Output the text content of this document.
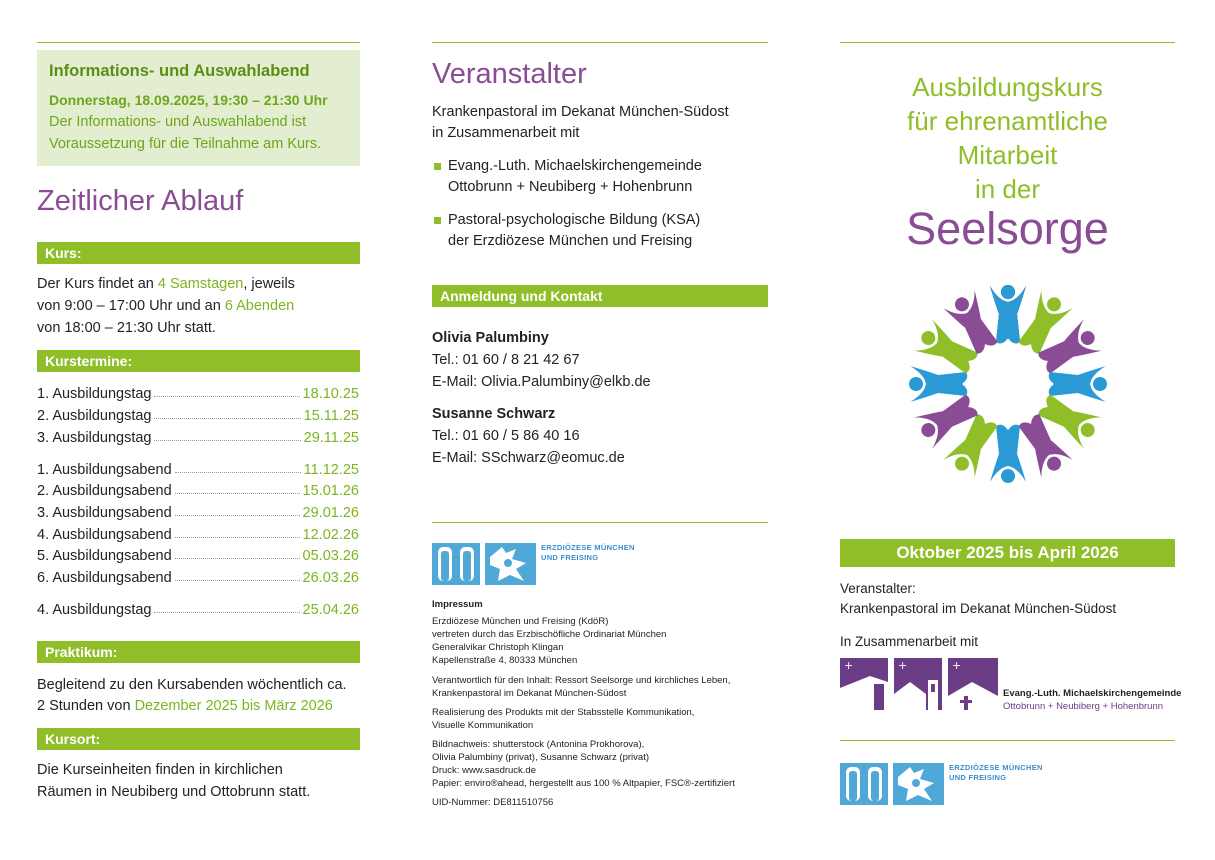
Informations- und Auswahlabend
Donnerstag, 18.09.2025, 19:30 – 21:30 Uhr
Der Informations- und Auswahlabend ist
Voraussetzung für die Teilnahme am Kurs.
Zeitlicher Ablauf
Kurs:
Der Kurs findet an 4 Samstagen, jeweils
von 9:00 – 17:00 Uhr und an 6 Abenden
von 18:00 – 21:30 Uhr statt.
Kurstermine:
1. Ausbildungstag	18.10.25
2. Ausbildungstag	15.11.25
3. Ausbildungstag	29.11.25
1. Ausbildungsabend	11.12.25
2. Ausbildungsabend	15.01.26
3. Ausbildungsabend	29.01.26
4. Ausbildungsabend	12.02.26
5. Ausbildungsabend	05.03.26
6. Ausbildungsabend	26.03.26
4. Ausbildungstag	25.04.26
Praktikum:
Begleitend zu den Kursabenden wöchentlich ca.
2 Stunden von Dezember 2025 bis März 2026
Kursort:
Die Kurseinheiten finden in kirchlichen
Räumen in Neubiberg und Ottobrunn statt.
Veranstalter
Krankenpastoral im Dekanat München-Südost
in Zusammenarbeit mit
Evang.-Luth. Michaelskirchengemeinde
Ottobrunn + Neubiberg + Hohenbrunn
Pastoral-psychologische Bildung (KSA)
der Erzdiözese München und Freising
Anmeldung und Kontakt
Olivia Palumbiny
Tel.: 01 60 / 8 21 42 67
E-Mail: Olivia.Palumbiny@elkb.de
Susanne Schwarz
Tel.: 01 60 / 5 86 40 16
E-Mail: SSchwarz@eomuc.de
ERZDIÖZESE MÜNCHEN
UND FREISING
Impressum
Erzdiözese München und Freising (KdöR)
vertreten durch das Erzbischöfliche Ordinariat München
Generalvikar Christoph Klingan
Kapellenstraße 4, 80333 München
Verantwortlich für den Inhalt: Ressort Seelsorge und kirchliches Leben,
Krankenpastoral im Dekanat München-Südost
Realisierung des Produkts mit der Stabsstelle Kommunikation,
Visuelle Kommunikation
Bildnachweis: shutterstock (Antonina Prokhorova),
Olivia Palumbiny (privat), Susanne Schwarz (privat)
Druck: www.sasdruck.de
Papier: enviro®ahead, hergestellt aus 100 % Altpapier, FSC®-zertifiziert
UID-Nummer: DE811510756
Ausbildungskurs
für ehrenamtliche
Mitarbeit
in der
Seelsorge
Oktober 2025 bis April 2026
Veranstalter:
Krankenpastoral im Dekanat München-Südost
In Zusammenarbeit mit
+	+	+
Evang.-Luth. Michaelskirchengemeinde
Ottobrunn + Neubiberg + Hohenbrunn
ERZDIÖZESE MÜNCHEN
UND FREISING
